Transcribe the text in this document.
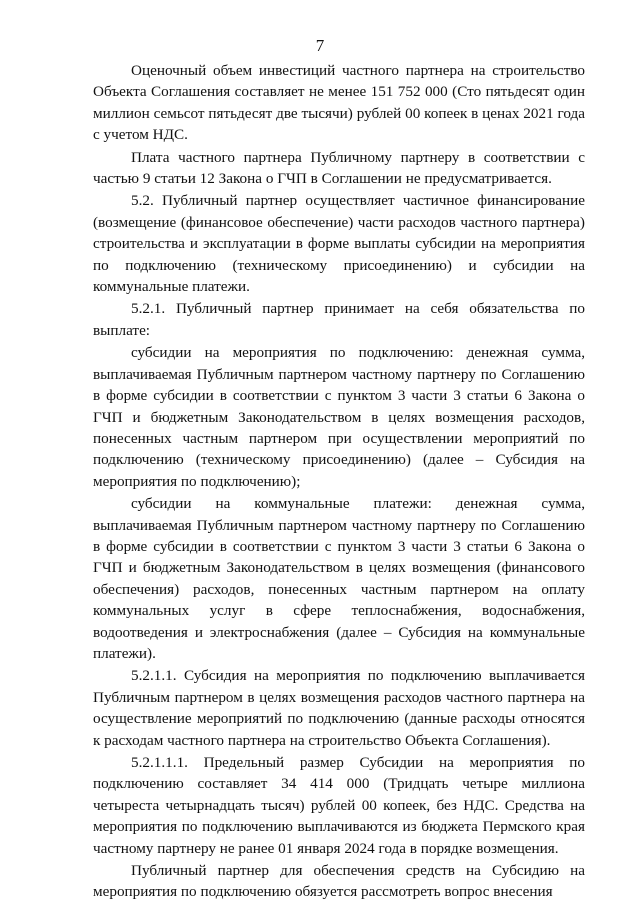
7

Оценочный объем инвестиций частного партнера на строительство Объекта Соглашения составляет не менее 151 752 000 (Сто пятьдесят один миллион семьсот пятьдесят две тысячи) рублей 00 копеек в ценах 2021 года с учетом НДС.

Плата частного партнера Публичному партнеру в соответствии с частью 9 статьи 12 Закона о ГЧП в Соглашении не предусматривается.

5.2. Публичный партнер осуществляет частичное финансирование (возмещение (финансовое обеспечение) части расходов частного партнера) строительства и эксплуатации в форме выплаты субсидии на мероприятия по подключению (техническому присоединению) и субсидии на коммунальные платежи.

5.2.1. Публичный партнер принимает на себя обязательства по выплате:

субсидии на мероприятия по подключению: денежная сумма, выплачиваемая Публичным партнером частному партнеру по Соглашению в форме субсидии в соответствии с пунктом 3 части 3 статьи 6 Закона о ГЧП и бюджетным Законодательством в целях возмещения расходов, понесенных частным партнером при осуществлении мероприятий по подключению (техническому присоединению) (далее – Субсидия на мероприятия по подключению);

субсидии на коммунальные платежи: денежная сумма, выплачиваемая Публичным партнером частному партнеру по Соглашению в форме субсидии в соответствии с пунктом 3 части 3 статьи 6 Закона о ГЧП и бюджетным Законодательством в целях возмещения (финансового обеспечения) расходов, понесенных частным партнером на оплату коммунальных услуг в сфере теплоснабжения, водоснабжения, водоотведения и электроснабжения (далее – Субсидия на коммунальные платежи).

5.2.1.1. Субсидия на мероприятия по подключению выплачивается Публичным партнером в целях возмещения расходов частного партнера на осуществление мероприятий по подключению (данные расходы относятся к расходам частного партнера на строительство Объекта Соглашения).

5.2.1.1.1. Предельный размер Субсидии на мероприятия по подключению составляет 34 414 000 (Тридцать четыре миллиона четыреста четырнадцать тысяч) рублей 00 копеек, без НДС. Средства на мероприятия по подключению выплачиваются из бюджета Пермского края частному партнеру не ранее 01 января 2024 года в порядке возмещения.

Публичный партнер для обеспечения средств на Субсидию на мероприятия по подключению обязуется рассмотреть вопрос внесения
